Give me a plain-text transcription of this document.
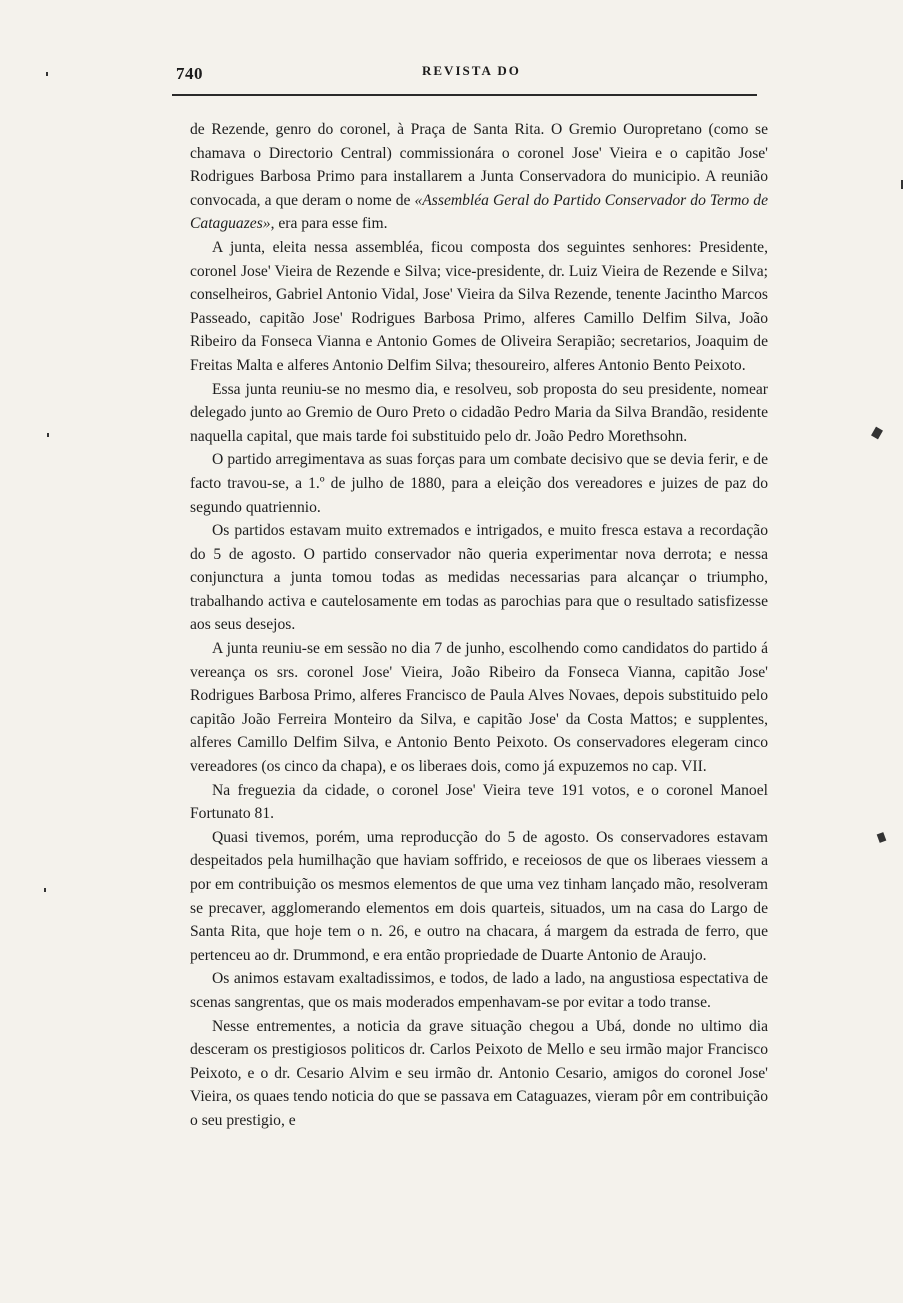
740	REVISTA DO

de Rezende, genro do coronel, à Praça de Santa Rita. O Gremio Ouropretano (como se chamava o Directorio Central) commissionára o coronel Jose' Vieira e o capitão Jose' Rodrigues Barbosa Primo para installarem a Junta Conservadora do municipio. A reunião convocada, a que deram o nome de «Assembléa Geral do Partido Conservador do Termo de Cataguazes», era para esse fim.

A junta, eleita nessa assembléa, ficou composta dos seguintes senhores: Presidente, coronel Jose' Vieira de Rezende e Silva; vice-presidente, dr. Luiz Vieira de Rezende e Silva; conselheiros, Gabriel Antonio Vidal, Jose' Vieira da Silva Rezende, tenente Jacintho Marcos Passeado, capitão Jose' Rodrigues Barbosa Primo, alferes Camillo Delfim Silva, João Ribeiro da Fonseca Vianna e Antonio Gomes de Oliveira Serapião; secretarios, Joaquim de Freitas Malta e alferes Antonio Delfim Silva; thesoureiro, alferes Antonio Bento Peixoto.

Essa junta reuniu-se no mesmo dia, e resolveu, sob proposta do seu presidente, nomear delegado junto ao Gremio de Ouro Preto o cidadão Pedro Maria da Silva Brandão, residente naquella capital, que mais tarde foi substituido pelo dr. João Pedro Morethsohn.

O partido arregimentava as suas forças para um combate decisivo que se devia ferir, e de facto travou-se, a 1.º de julho de 1880, para a eleição dos vereadores e juizes de paz do segundo quatriennio.

Os partidos estavam muito extremados e intrigados, e muito fresca estava a recordação do 5 de agosto. O partido conservador não queria experimentar nova derrota; e nessa conjunctura a junta tomou todas as medidas necessarias para alcançar o triumpho, trabalhando activa e cautelosamente em todas as parochias para que o resultado satisfizesse aos seus desejos.

A junta reuniu-se em sessão no dia 7 de junho, escolhendo como candidatos do partido á vereança os srs. coronel Jose' Vieira, João Ribeiro da Fonseca Vianna, capitão Jose' Rodrigues Barbosa Primo, alferes Francisco de Paula Alves Novaes, depois substituido pelo capitão João Ferreira Monteiro da Silva, e capitão Jose' da Costa Mattos; e supplentes, alferes Camillo Delfim Silva, e Antonio Bento Peixoto. Os conservadores elegeram cinco vereadores (os cinco da chapa), e os liberaes dois, como já expuzemos no cap. VII.

Na freguezia da cidade, o coronel Jose' Vieira teve 191 votos, e o coronel Manoel Fortunato 81.

Quasi tivemos, porém, uma reproducção do 5 de agosto. Os conservadores estavam despeitados pela humilhação que haviam soffrido, e receiosos de que os liberaes viessem a por em contribuição os mesmos elementos de que uma vez tinham lançado mão, resolveram se precaver, agglomerando elementos em dois quarteis, situados, um na casa do Largo de Santa Rita, que hoje tem o n. 26, e outro na chacara, á margem da estrada de ferro, que pertenceu ao dr. Drummond, e era então propriedade de Duarte Antonio de Araujo.

Os animos estavam exaltadissimos, e todos, de lado a lado, na angustiosa espectativa de scenas sangrentas, que os mais moderados empenhavam-se por evitar a todo transe.

Nesse entrementes, a noticia da grave situação chegou a Ubá, donde no ultimo dia desceram os prestigiosos politicos dr. Carlos Peixoto de Mello e seu irmão major Francisco Peixoto, e o dr. Cesario Alvim e seu irmão dr. Antonio Cesario, amigos do coronel Jose' Vieira, os quaes tendo noticia do que se passava em Cataguazes, vieram pôr em contribuição o seu prestigio, e
